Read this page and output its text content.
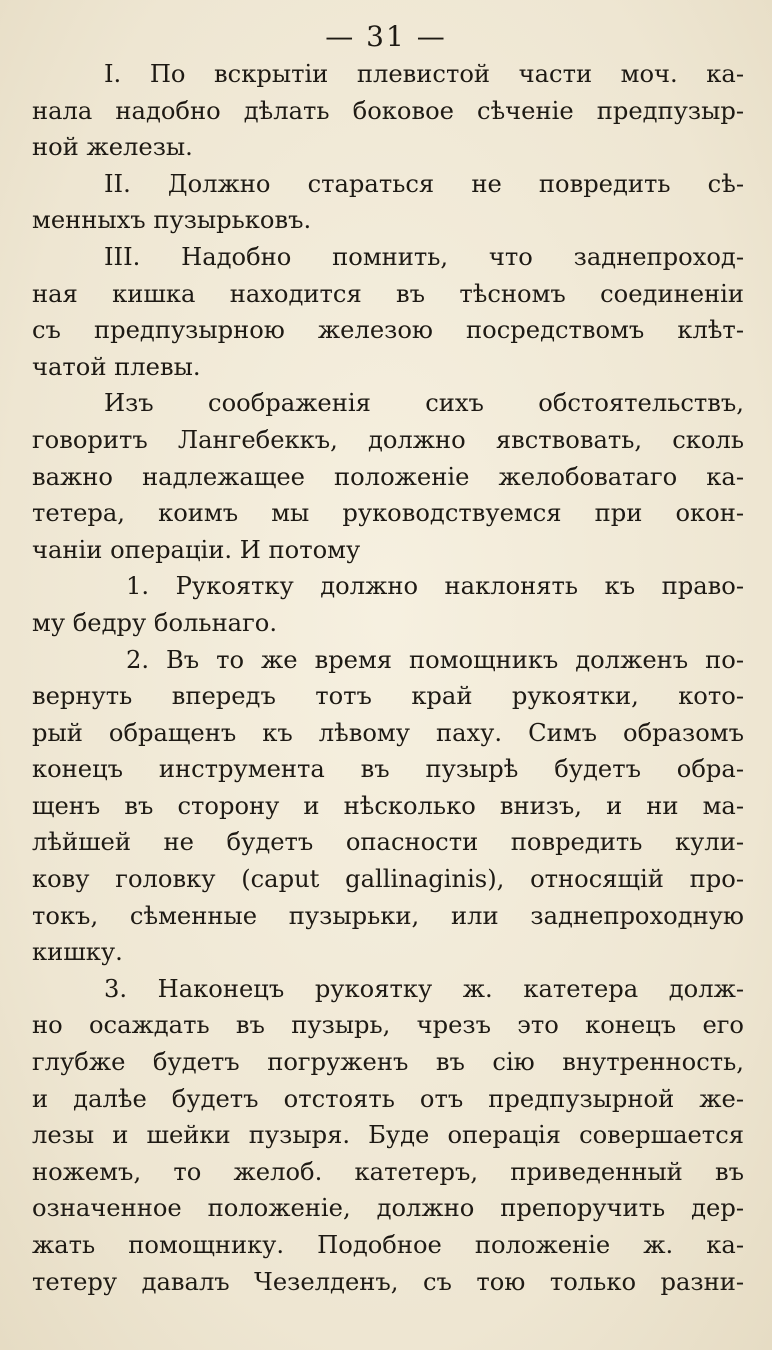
— 31 —
I. По вскрытіи плевистой части моч. ка-
нала надобно дѣлать боковое сѣченіе предпузыр-
ной железы.
II. Должно стараться не повредить сѣ-
менныхъ пузырьковъ.
III. Надобно помнить, что заднепроход-
ная кишка находится въ тѣсномъ соединеніи
съ предпузырною железою посредствомъ клѣт-
чатой плевы.
Изъ соображенія сихъ обстоятельствъ,
говоритъ Лангебеккъ, должно явствовать, сколь
важно надлежащее положеніе желобоватаго ка-
тетера, коимъ мы руководствуемся при окон-
чаніи операціи. И потому
1. Рукоятку должно наклонять къ право-
му бедру больнаго.
2. Въ то же время помощникъ долженъ по-
вернуть впередъ тотъ край рукоятки, кото-
рый обращенъ къ лѣвому паху. Симъ образомъ
конецъ инструмента въ пузырѣ будетъ обра-
щенъ въ сторону и нѣсколько внизъ, и ни ма-
лѣйшей не будетъ опасности повредить кули-
кову головку (caput gallinaginis), относящій про-
токъ, сѣменные пузырьки, или заднепроходную
кишку.
3. Наконецъ рукоятку ж. катетера долж-
но осаждать въ пузырь, чрезъ это конецъ его
глубже будетъ погруженъ въ сію внутренность,
и далѣе будетъ отстоять отъ предпузырной же-
лезы и шейки пузыря. Буде операція совершается
ножемъ, то желоб. катетеръ, приведенный въ
означенное положеніе, должно препоручить дер-
жать помощнику. Подобное положеніе ж. ка-
тетеру давалъ Чезелденъ, съ тою только разни-
